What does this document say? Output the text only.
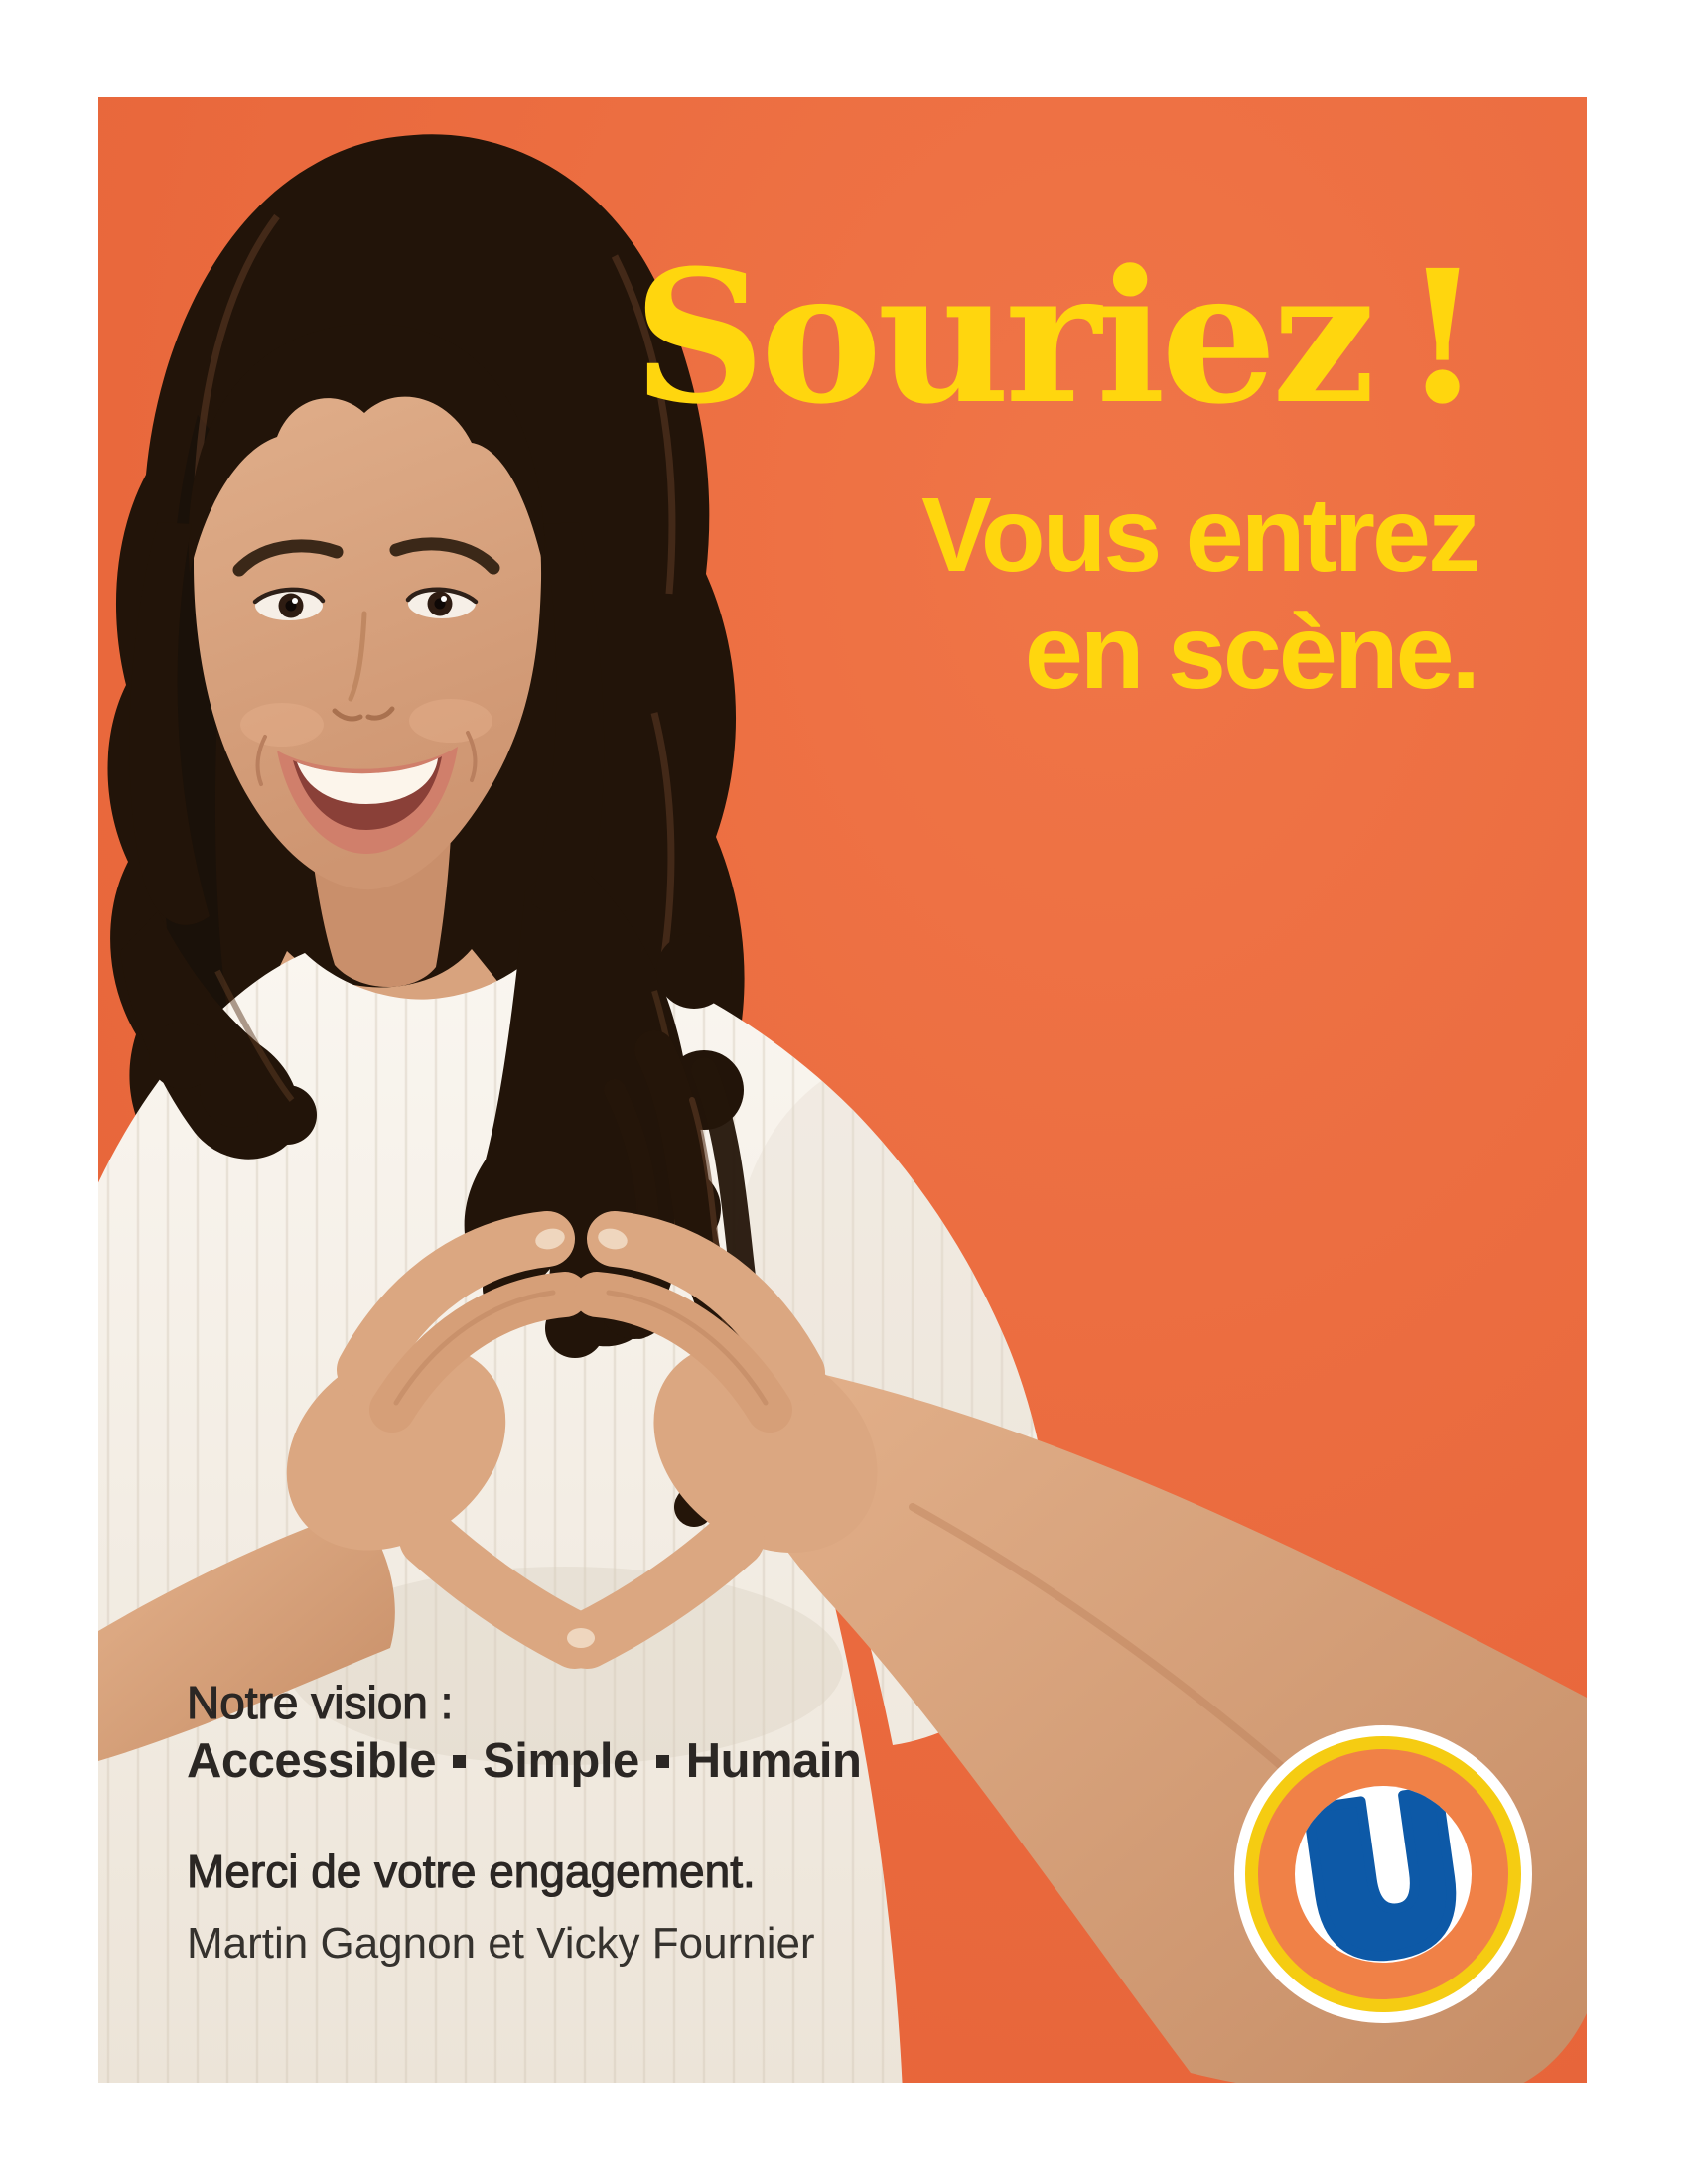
Souriez !
Vous entrez
en scène.
Notre vision :
Accessible Simple Humain
Merci de votre engagement.
Martin Gagnon et Vicky Fournier
